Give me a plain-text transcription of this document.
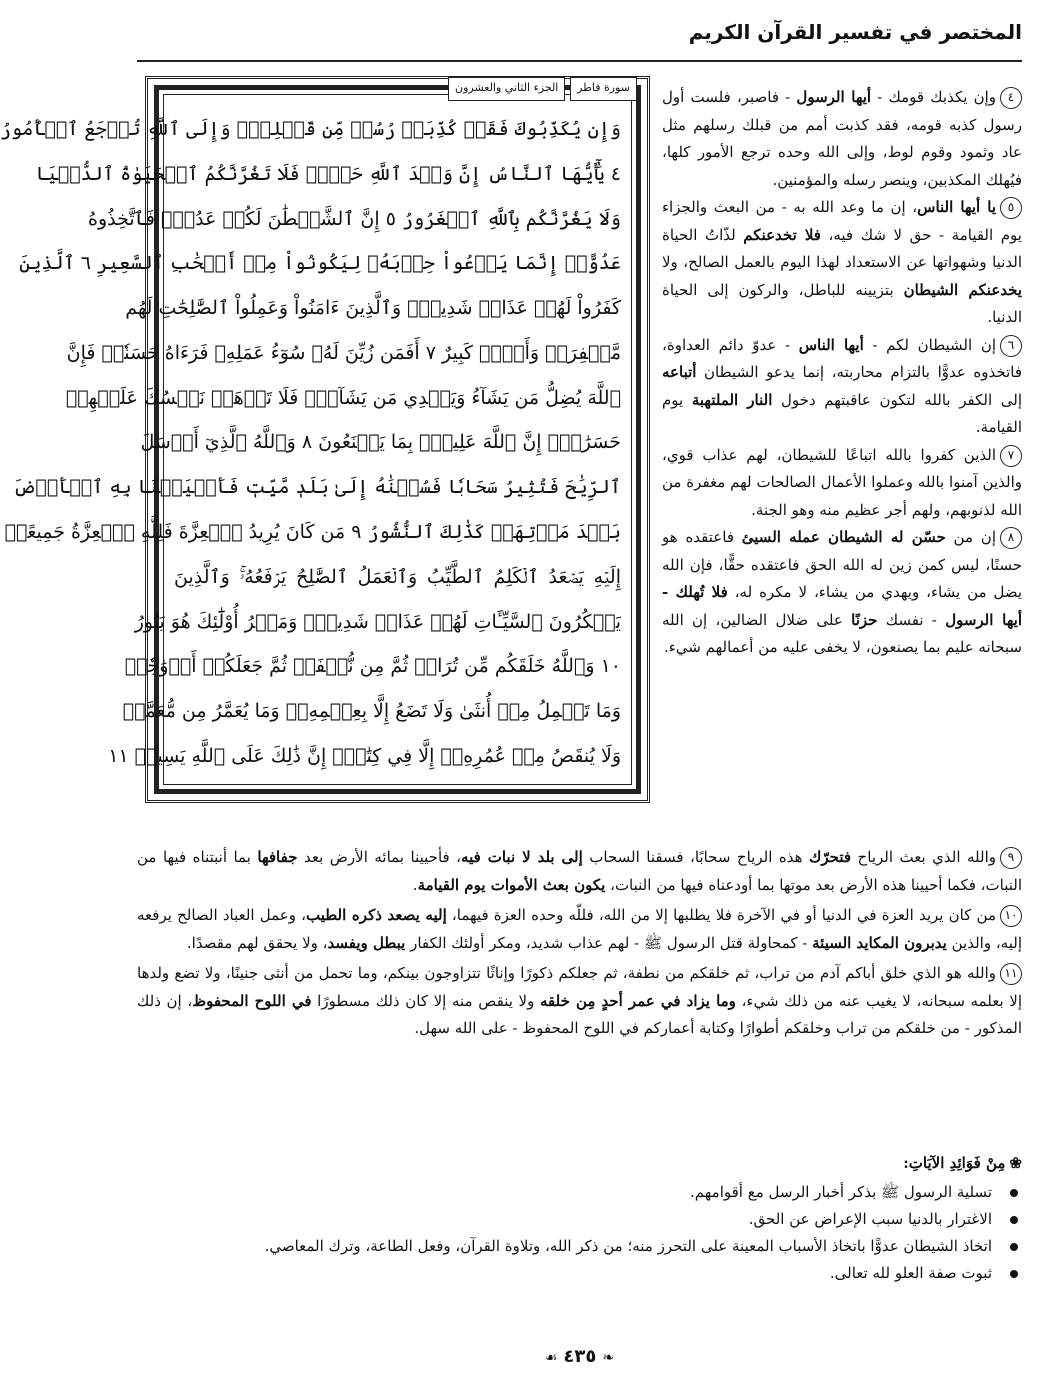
المختصر في تفسير القرآن الكريم
الجزء الثاني والعشرون	سورة فاطر
وَإِن يُكَذِّبُوكَ فَقَدۡ كُذِّبَتۡ رُسُلٞ مِّن قَبۡلِكَۚ وَإِلَى ٱللَّهِ تُرۡجَعُ ٱلۡأُمُورُ
٤ يَٰٓأَيُّهَا ٱلنَّاسُ إِنَّ وَعۡدَ ٱللَّهِ حَقّٞۖ فَلَا تَغُرَّنَّكُمُ ٱلۡحَيَوٰةُ ٱلدُّنۡيَا
وَلَا يَغُرَّنَّكُم بِٱللَّهِ ٱلۡغَرُورُ ٥ إِنَّ ٱلشَّيۡطَٰنَ لَكُمۡ عَدُوّٞ فَٱتَّخِذُوهُ
عَدُوًّاۚ إِنَّمَا يَدۡعُواْ حِزۡبَهُۥ لِيَكُونُواْ مِنۡ أَصۡحَٰبِ ٱلسَّعِيرِ ٦ ٱلَّذِينَ
كَفَرُواْ لَهُمۡ عَذَابٞ شَدِيدٞۖ وَٱلَّذِينَ ءَامَنُواْ وَعَمِلُواْ ٱلصَّٰلِحَٰتِ لَهُم
مَّغۡفِرَةٞ وَأَجۡرٞ كَبِيرٌ ٧ أَفَمَن زُيِّنَ لَهُۥ سُوٓءُ عَمَلِهِۦ فَرَءَاهُ حَسَنٗاۖ فَإِنَّ
ٱللَّهَ يُضِلُّ مَن يَشَآءُ وَيَهۡدِي مَن يَشَآءُۖ فَلَا تَذۡهَبۡ نَفۡسُكَ عَلَيۡهِمۡ
حَسَرَٰتٍۚ إِنَّ ٱللَّهَ عَلِيمُۢ بِمَا يَصۡنَعُونَ ٨ وَٱللَّهُ ٱلَّذِيٓ أَرۡسَلَ
ٱلرِّيَٰحَ فَتُثِيرُ سَحَابٗا فَسُقۡنَٰهُ إِلَىٰ بَلَدٖ مَّيِّتٖ فَأَحۡيَيۡنَا بِهِ ٱلۡأَرۡضَ
بَعۡدَ مَوۡتِهَاۚ كَذَٰلِكَ ٱلنُّشُورُ ٩ مَن كَانَ يُرِيدُ ٱلۡعِزَّةَ فَلِلَّهِ ٱلۡعِزَّةُ جَمِيعًاۚ
إِلَيۡهِ يَصۡعَدُ ٱلۡكَلِمُ ٱلطَّيِّبُ وَٱلۡعَمَلُ ٱلصَّٰلِحُ يَرۡفَعُهُۥۚ وَٱلَّذِينَ
يَمۡكُرُونَ ٱلسَّيِّـَٔاتِ لَهُمۡ عَذَابٞ شَدِيدٞۖ وَمَكۡرُ أُوْلَٰٓئِكَ هُوَ يَبُورُ
١٠ وَٱللَّهُ خَلَقَكُم مِّن تُرَابٖ ثُمَّ مِن نُّطۡفَةٖ ثُمَّ جَعَلَكُمۡ أَزۡوَٰجٗاۚ
وَمَا تَحۡمِلُ مِنۡ أُنثَىٰ وَلَا تَضَعُ إِلَّا بِعِلۡمِهِۦۚ وَمَا يُعَمَّرُ مِن مُّعَمَّرٖ
وَلَا يُنقَصُ مِنۡ عُمُرِهِۦٓ إِلَّا فِي كِتَٰبٍۚ إِنَّ ذَٰلِكَ عَلَى ٱللَّهِ يَسِيرٞ ١١

٤وإن يكذبك قومك - أيها الرسول - فاصبر، فلست أول رسول كذبه قومه، فقد كذبت أمم من قبلك رسلهم مثل عاد وثمود وقوم لوط، وإلى الله وحده ترجع الأمور كلها، فيُهلك المكذبين، وينصر رسله والمؤمنين.

٥يا أيها الناس، إن ما وعد الله به - من البعث والجزاء يوم القيامة - حق لا شك فيه، فلا تخدعنكم لذّاتُ الحياة الدنيا وشهواتها عن الاستعداد لهذا اليوم بالعمل الصالح، ولا يخدعنكم الشيطان بتزيينه للباطل، والركون إلى الحياة الدنيا.

٦إن الشيطان لكم - أيها الناس - عدوّ دائم العداوة، فاتخذوه عدوًّا بالتزام محاربته، إنما يدعو الشيطان أتباعه إلى الكفر بالله لتكون عاقبتهم دخول النار الملتهبة يوم القيامة.

٧الذين كفروا بالله اتباعًا للشيطان، لهم عذاب قوي، والذين آمنوا بالله وعملوا الأعمال الصالحات لهم مغفرة من الله لذنوبهم، ولهم أجر عظيم منه وهو الجنة.

٨إن من حسّن له الشيطان عمله السيئ فاعتقده هو حسنًا، ليس كمن زين له الله الحق فاعتقده حقًّا، فإن الله يضل من يشاء، ويهدي من يشاء، لا مكره له، فلا تُهلك - أيها الرسول - نفسك حزنًا على ضلال الضالين، إن الله سبحانه عليم بما يصنعون، لا يخفى عليه من أعمالهم شيء.

٩والله الذي بعث الرياح فتحرّك هذه الرياح سحابًا، فسقنا السحاب إلى بلد لا نبات فيه، فأحيينا بمائه الأرض بعد جفافها بما أنبتناه فيها من النبات، فكما أحيينا هذه الأرض بعد موتها بما أودعناه فيها من النبات، يكون بعث الأموات يوم القيامة.

١٠من كان يريد العزة في الدنيا أو في الآخرة فلا يطلبها إلا من الله، فللّه وحده العزة فيهما، إليه يصعد ذكره الطيب، وعمل العباد الصالح يرفعه إليه، والذين يدبرون المكايد السيئة - كمحاولة قتل الرسول ﷺ - لهم عذاب شديد، ومكر أولئك الكفار يبطل ويفسد، ولا يحقق لهم مقصدًا.

١١والله هو الذي خلق أباكم آدم من تراب، ثم خلقكم من نطفة، ثم جعلكم ذكورًا وإناثًا تتزاوجون بينكم، وما تحمل من أنثى جنينًا، ولا تضع ولدها إلا بعلمه سبحانه، لا يغيب عنه من ذلك شيء، وما يزاد في عمر أحدٍ مِن خلقه ولا ينقص منه إلا كان ذلك مسطورًا في اللوح المحفوظ، إن ذلك المذكور - من خلقكم من تراب وخلقكم أطوارًا وكتابة أعماركم في اللوح المحفوظ - على الله سهل.

❀مِنْ فَوَائِدِ الآيَاتِ:
تسلية الرسول ﷺ بذكر أخبار الرسل مع أقوامهم.
الاغترار بالدنيا سبب الإعراض عن الحق.
اتخاذ الشيطان عدوًّا باتخاذ الأسباب المعينة على التحرز منه؛ من ذكر الله، وتلاوة القرآن، وفعل الطاعة، وترك المعاصي.
ثبوت صفة العلو لله تعالى.
❧٤٣٥☙
